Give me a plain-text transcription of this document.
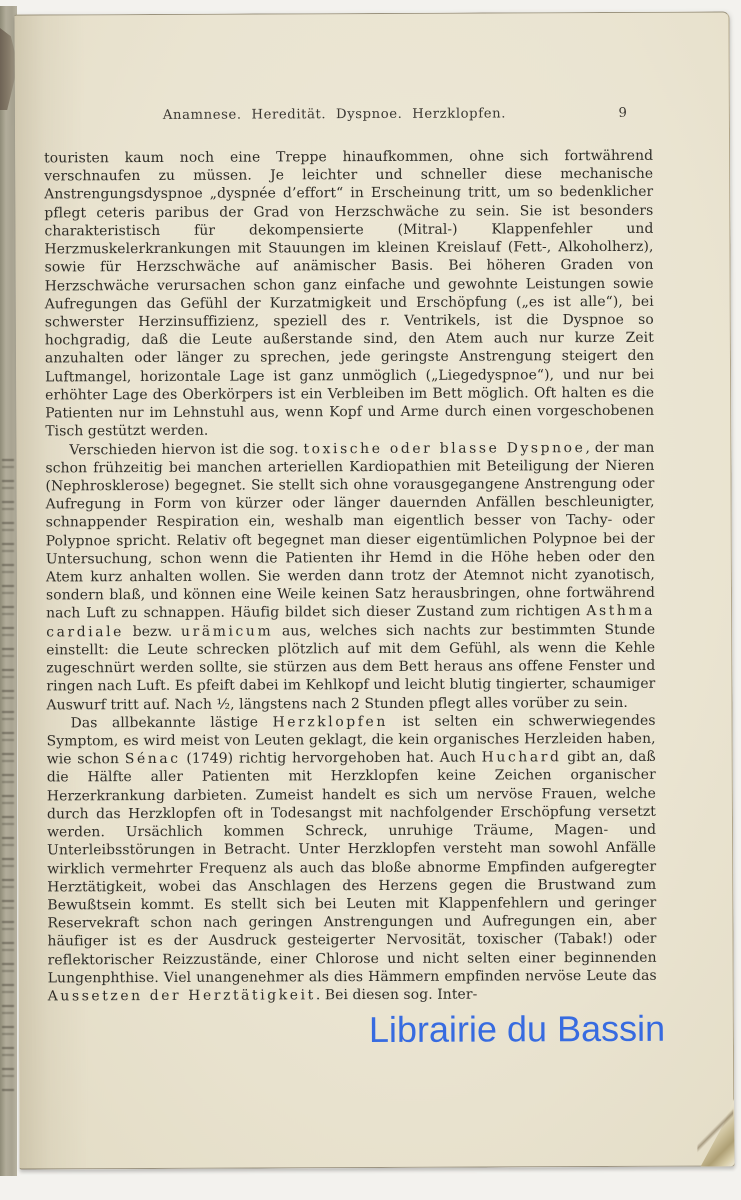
Anamnese. Heredität. Dyspnoe. Herzklopfen.	9

touristen kaum noch eine Treppe hinaufkommen, ohne sich fortwährend verschnaufen zu müssen. Je leichter und schneller diese mechanische Anstrengungsdyspnoe „dyspnée d’effort“ in Erscheinung tritt, um so bedenklicher pflegt ceteris paribus der Grad von Herzschwäche zu sein. Sie ist besonders charakteristisch für dekompensierte (Mitral-) Klappenfehler und Herzmuskelerkrankungen mit Stauungen im kleinen Kreislauf (Fett-, Alkoholherz), sowie für Herzschwäche auf anämischer Basis. Bei höheren Graden von Herzschwäche verursachen schon ganz einfache und gewohnte Leistungen sowie Aufregungen das Gefühl der Kurzatmigkeit und Erschöpfung („es ist alle“), bei schwerster Herzinsuffizienz, speziell des r. Ventrikels, ist die Dyspnoe so hochgradig, daß die Leute außerstande sind, den Atem auch nur kurze Zeit anzuhalten oder länger zu sprechen, jede geringste Anstrengung steigert den Luftmangel, horizontale Lage ist ganz unmöglich („Liegedyspnoe“), und nur bei erhöhter Lage des Oberkörpers ist ein Verbleiben im Bett möglich. Oft halten es die Patienten nur im Lehnstuhl aus, wenn Kopf und Arme durch einen vorgeschobenen Tisch gestützt werden.

Verschieden hiervon ist die sog. toxische oder blasse Dyspnoe, der man schon frühzeitig bei manchen arteriellen Kardiopathien mit Beteiligung der Nieren (Nephrosklerose) begegnet. Sie stellt sich ohne vorausgegangene Anstrengung oder Aufregung in Form von kürzer oder länger dauernden Anfällen beschleunigter, schnappender Respiration ein, weshalb man eigentlich besser von Tachy- oder Polypnoe spricht. Relativ oft begegnet man dieser eigentümlichen Polypnoe bei der Untersuchung, schon wenn die Patienten ihr Hemd in die Höhe heben oder den Atem kurz anhalten wollen. Sie werden dann trotz der Atemnot nicht zyanotisch, sondern blaß, und können eine Weile keinen Satz herausbringen, ohne fortwährend nach Luft zu schnappen. Häufig bildet sich dieser Zustand zum richtigen Asthma cardiale bezw. urämicum aus, welches sich nachts zur bestimmten Stunde einstellt: die Leute schrecken plötzlich auf mit dem Gefühl, als wenn die Kehle zugeschnürt werden sollte, sie stürzen aus dem Bett heraus ans offene Fenster und ringen nach Luft. Es pfeift dabei im Kehlkopf und leicht blutig tingierter, schaumiger Auswurf tritt auf. Nach ½, längstens nach 2 Stunden pflegt alles vorüber zu sein.

Das allbekannte lästige Herzklopfen ist selten ein schwerwiegendes Symptom, es wird meist von Leuten geklagt, die kein organisches Herzleiden haben, wie schon Sénac (1749) richtig hervorgehoben hat. Auch Huchard gibt an, daß die Hälfte aller Patienten mit Herzklopfen keine Zeichen organischer Herzerkrankung darbieten. Zumeist handelt es sich um nervöse Frauen, welche durch das Herzklopfen oft in Todesangst mit nachfolgender Erschöpfung versetzt werden. Ursächlich kommen Schreck, unruhige Träume, Magen- und Unterleibsstörungen in Betracht. Unter Herzklopfen versteht man sowohl Anfälle wirklich vermehrter Frequenz als auch das bloße abnorme Empfinden aufgeregter Herztätigkeit, wobei das Anschlagen des Herzens gegen die Brustwand zum Bewußtsein kommt. Es stellt sich bei Leuten mit Klappenfehlern und geringer Reservekraft schon nach geringen Anstrengungen und Aufregungen ein, aber häufiger ist es der Ausdruck gesteigerter Nervosität, toxischer (Tabak!) oder reflektorischer Reizzustände, einer Chlorose und nicht selten einer beginnenden Lungenphthise. Viel unangenehmer als dies Hämmern empfinden nervöse Leute das Aussetzen der Herztätigkeit. Bei diesen sog. Inter-

Librairie du Bassin
